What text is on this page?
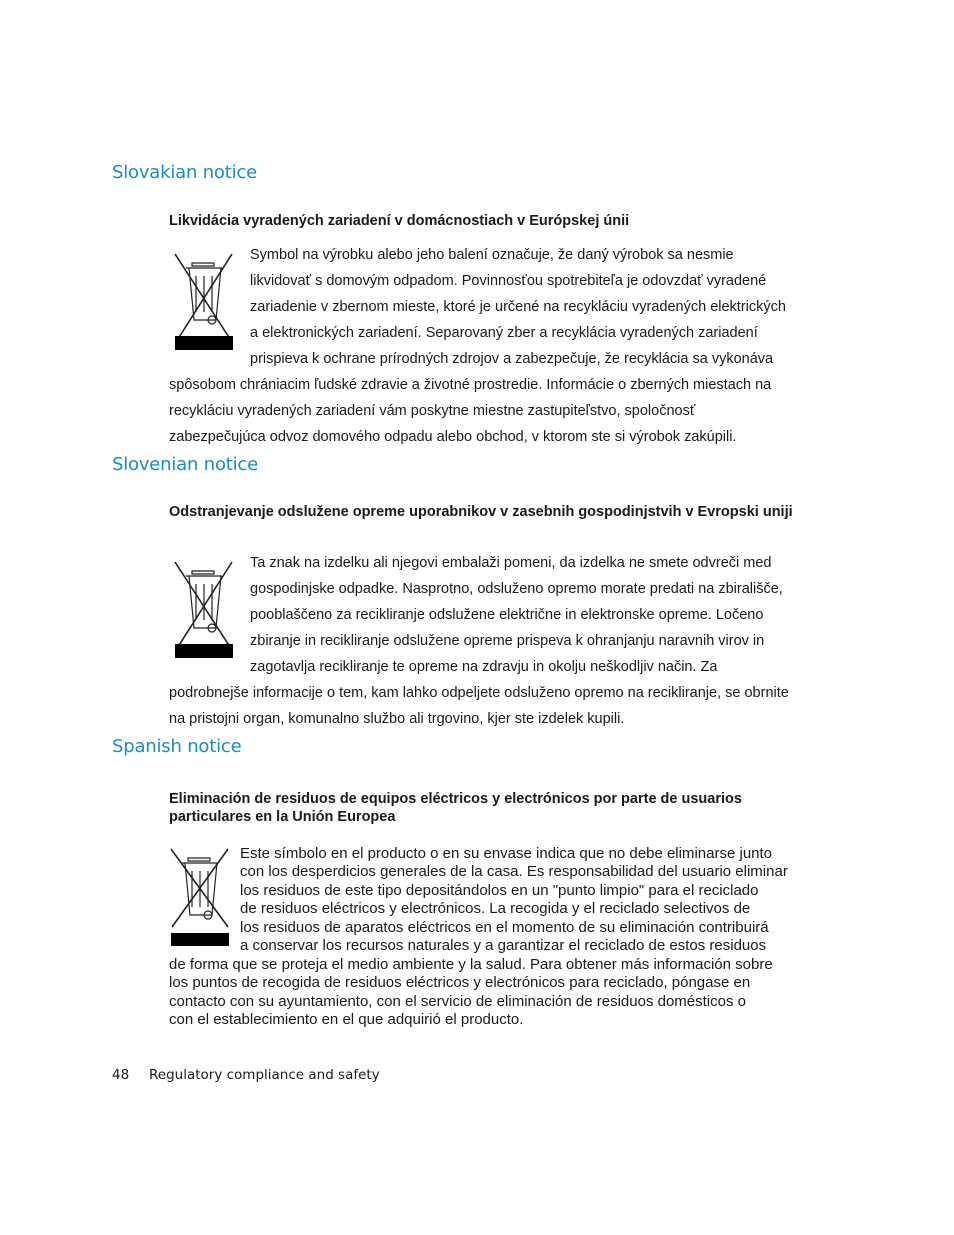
Slovakian notice

Likvidácia vyradených zariadení v domácnostiach v Európskej únii

Symbol na výrobku alebo jeho balení označuje, že daný výrobok sa nesmie

likvidovať s domovým odpadom. Povinnosťou spotrebiteľa je odovzdať vyradené

zariadenie v zbernom mieste, ktoré je určené na recykláciu vyradených elektrických

a elektronických zariadení. Separovaný zber a recyklácia vyradených zariadení

prispieva k ochrane prírodných zdrojov a zabezpečuje, že recyklácia sa vykonáva

spôsobom chrániacim ľudské zdravie a životné prostredie. Informácie o zberných miestach na

recykláciu vyradených zariadení vám poskytne miestne zastupiteľstvo, spoločnosť

zabezpečujúca odvoz domového odpadu alebo obchod, v ktorom ste si výrobok zakúpili.

Slovenian notice

Odstranjevanje odslužene opreme uporabnikov v zasebnih gospodinjstvih v Evropski uniji

Ta znak na izdelku ali njegovi embalaži pomeni, da izdelka ne smete odvreči med

gospodinjske odpadke. Nasprotno, odsluženo opremo morate predati na zbirališče,

pooblaščeno za recikliranje odslužene električne in elektronske opreme. Ločeno

zbiranje in recikliranje odslužene opreme prispeva k ohranjanju naravnih virov in

zagotavlja recikliranje te opreme na zdravju in okolju neškodljiv način. Za

podrobnejše informacije o tem, kam lahko odpeljete odsluženo opremo na recikliranje, se obrnite

na pristojni organ, komunalno službo ali trgovino, kjer ste izdelek kupili.

Spanish notice

Eliminación de residuos de equipos eléctricos y electrónicos por parte de usuarios particulares en la Unión Europea

Este símbolo en el producto o en su envase indica que no debe eliminarse junto

con los desperdicios generales de la casa. Es responsabilidad del usuario eliminar

los residuos de este tipo depositándolos en un "punto limpio" para el reciclado

de residuos eléctricos y electrónicos. La recogida y el reciclado selectivos de

los residuos de aparatos eléctricos en el momento de su eliminación contribuirá

a conservar los recursos naturales y a garantizar el reciclado de estos residuos

de forma que se proteja el medio ambiente y la salud. Para obtener más información sobre

los puntos de recogida de residuos eléctricos y electrónicos para reciclado, póngase en

contacto con su ayuntamiento, con el servicio de eliminación de residuos domésticos o

con el establecimiento en el que adquirió el producto.

48 Regulatory compliance and safety
